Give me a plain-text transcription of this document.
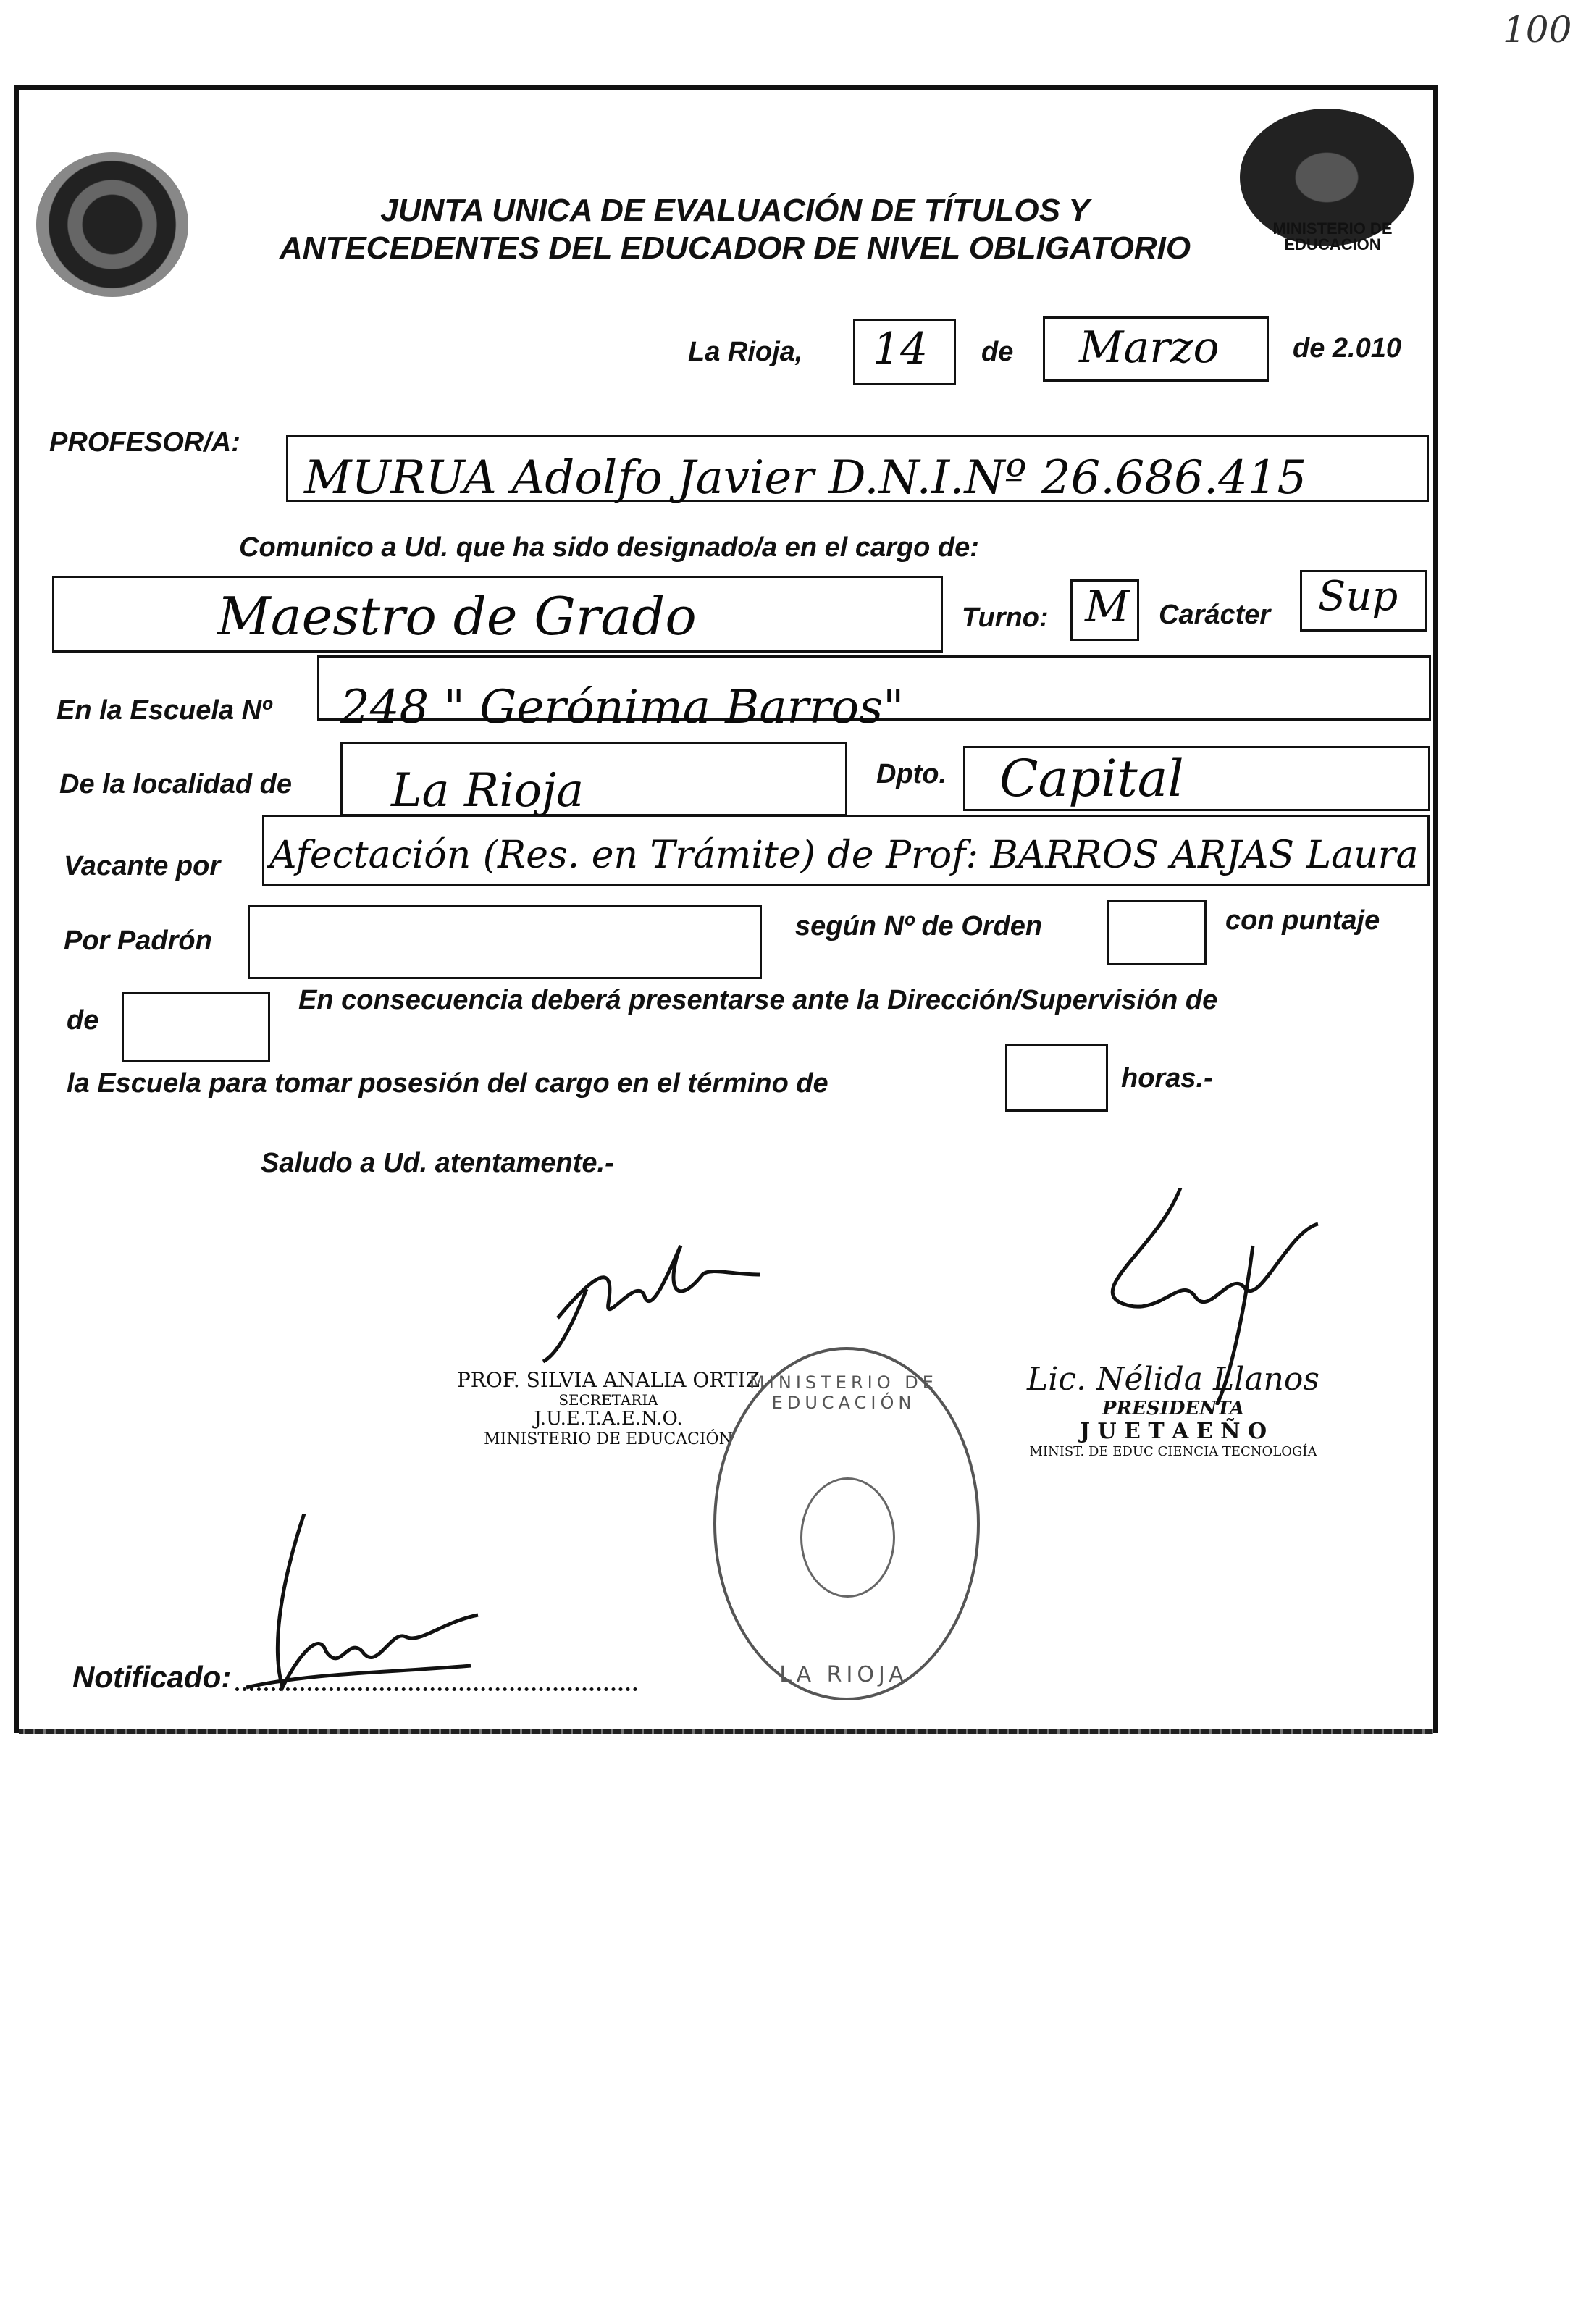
100
MINISTERIO DE
EDUCACION
JUNTA UNICA DE EVALUACIÓN DE TÍTULOS Y
ANTECEDENTES DEL EDUCADOR DE NIVEL OBLIGATORIO
La Rioja, 14 de Marzo	de 2.010
PROFESOR/A:
MURUA Adolfo Javier D.N.I.Nº 26.686.415
Comunico a Ud. que ha sido designado/a en el cargo de:
Maestro de Grado	Turno: M Carácter Sup
En la Escuela Nº 248 " Gerónima Barros"
De la localidad de La Rioja	Dpto. Capital
Vacante por Afectación (Res. en Trámite) de Prof: BARROS ARJAS Laura
Por Padrón	según Nº de Orden	con puntaje
de
En consecuencia deberá presentarse ante la Dirección/Supervisión de
la Escuela para tomar posesión del cargo en el término de	horas.-
Saludo a Ud. atentamente.-
PROF. SILVIA ANALIA ORTIZ
SECRETARIA
J.U.E.T.A.E.N.O.
MINISTERIO DE EDUCACIÓN
Lic. Nélida Llanos
PRESIDENTA
J U E T A E Ñ O
MINIST. DE EDUC CIENCIA TECNOLOGÍA
MINISTERIO DE EDUCACIÓN
LA RIOJA
Notificado:
